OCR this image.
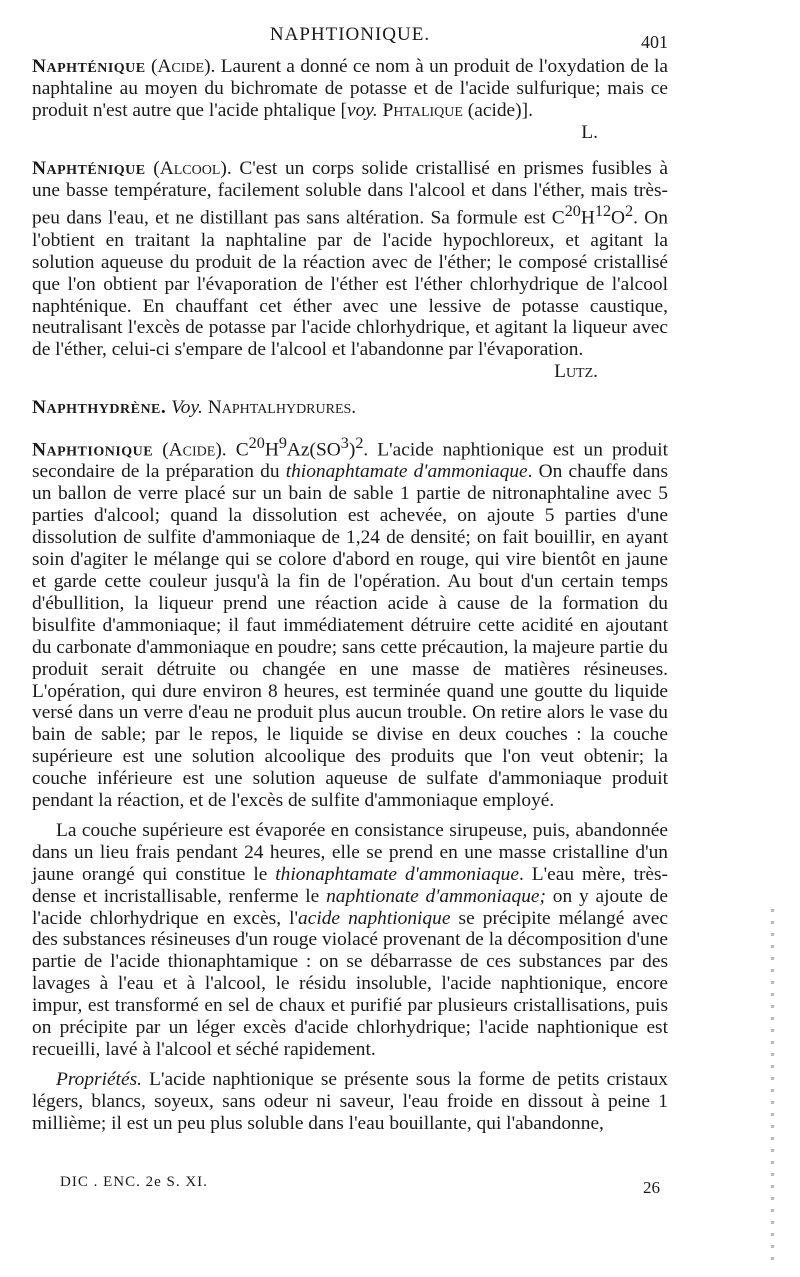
NAPHTIONIQUE.	401

Naphténique (Acide). Laurent a donné ce nom à un produit de l'oxydation de la naphtaline au moyen du bichromate de potasse et de l'acide sulfurique; mais ce produit n'est autre que l'acide phtalique [voy. Phtalique (acide)].
L.

Naphténique (Alcool). C'est un corps solide cristallisé en prismes fusibles à une basse température, facilement soluble dans l'alcool et dans l'éther, mais très-peu dans l'eau, et ne distillant pas sans altération. Sa formule est $C^{20}H^{12}O^2$. On l'obtient en traitant la naphtaline par de l'acide hypochloreux, et agitant la solution aqueuse du produit de la réaction avec de l'éther; le composé cristallisé que l'on obtient par l'évaporation de l'éther est l'éther chlorhydrique de l'alcool naphténique. En chauffant cet éther avec une lessive de potasse caustique, neutralisant l'excès de potasse par l'acide chlorhydrique, et agitant la liqueur avec de l'éther, celui-ci s'empare de l'alcool et l'abandonne par l'évaporation.
Lutz.

Naphthydrène. Voy. Naphtalhydrures.

Naphtionique (Acide). $C^{20}H^9Az(SO^3)^2$. L'acide naphtionique est un produit secondaire de la préparation du thionaphtamate d'ammoniaque. On chauffe dans un ballon de verre placé sur un bain de sable 1 partie de nitronaphtaline avec 5 parties d'alcool; quand la dissolution est achevée, on ajoute 5 parties d'une dissolution de sulfite d'ammoniaque de 1,24 de densité; on fait bouillir, en ayant soin d'agiter le mélange qui se colore d'abord en rouge, qui vire bientôt en jaune et garde cette couleur jusqu'à la fin de l'opération. Au bout d'un certain temps d'ébullition, la liqueur prend une réaction acide à cause de la formation du bisulfite d'ammoniaque; il faut immédiatement détruire cette acidité en ajoutant du carbonate d'ammoniaque en poudre; sans cette précaution, la majeure partie du produit serait détruite ou changée en une masse de matières résineuses. L'opération, qui dure environ 8 heures, est terminée quand une goutte du liquide versé dans un verre d'eau ne produit plus aucun trouble. On retire alors le vase du bain de sable; par le repos, le liquide se divise en deux couches : la couche supérieure est une solution alcoolique des produits que l'on veut obtenir; la couche inférieure est une solution aqueuse de sulfate d'ammoniaque produit pendant la réaction, et de l'excès de sulfite d'ammoniaque employé.

La couche supérieure est évaporée en consistance sirupeuse, puis, abandonnée dans un lieu frais pendant 24 heures, elle se prend en une masse cristalline d'un jaune orangé qui constitue le thionaphtamate d'ammoniaque. L'eau mère, très-dense et incristallisable, renferme le naphtionate d'ammoniaque; on y ajoute de l'acide chlorhydrique en excès, l'acide naphtionique se précipite mélangé avec des substances résineuses d'un rouge violacé provenant de la décomposition d'une partie de l'acide thionaphtamique : on se débarrasse de ces substances par des lavages à l'eau et à l'alcool, le résidu insoluble, l'acide naphtionique, encore impur, est transformé en sel de chaux et purifié par plusieurs cristallisations, puis on précipite par un léger excès d'acide chlorhydrique; l'acide naphtionique est recueilli, lavé à l'alcool et séché rapidement.

Propriétés. L'acide naphtionique se présente sous la forme de petits cristaux légers, blancs, soyeux, sans odeur ni saveur, l'eau froide en dissout à peine 1 millième; il est un peu plus soluble dans l'eau bouillante, qui l'abandonne,

DIC . ENC. 2e S. XI.	26
